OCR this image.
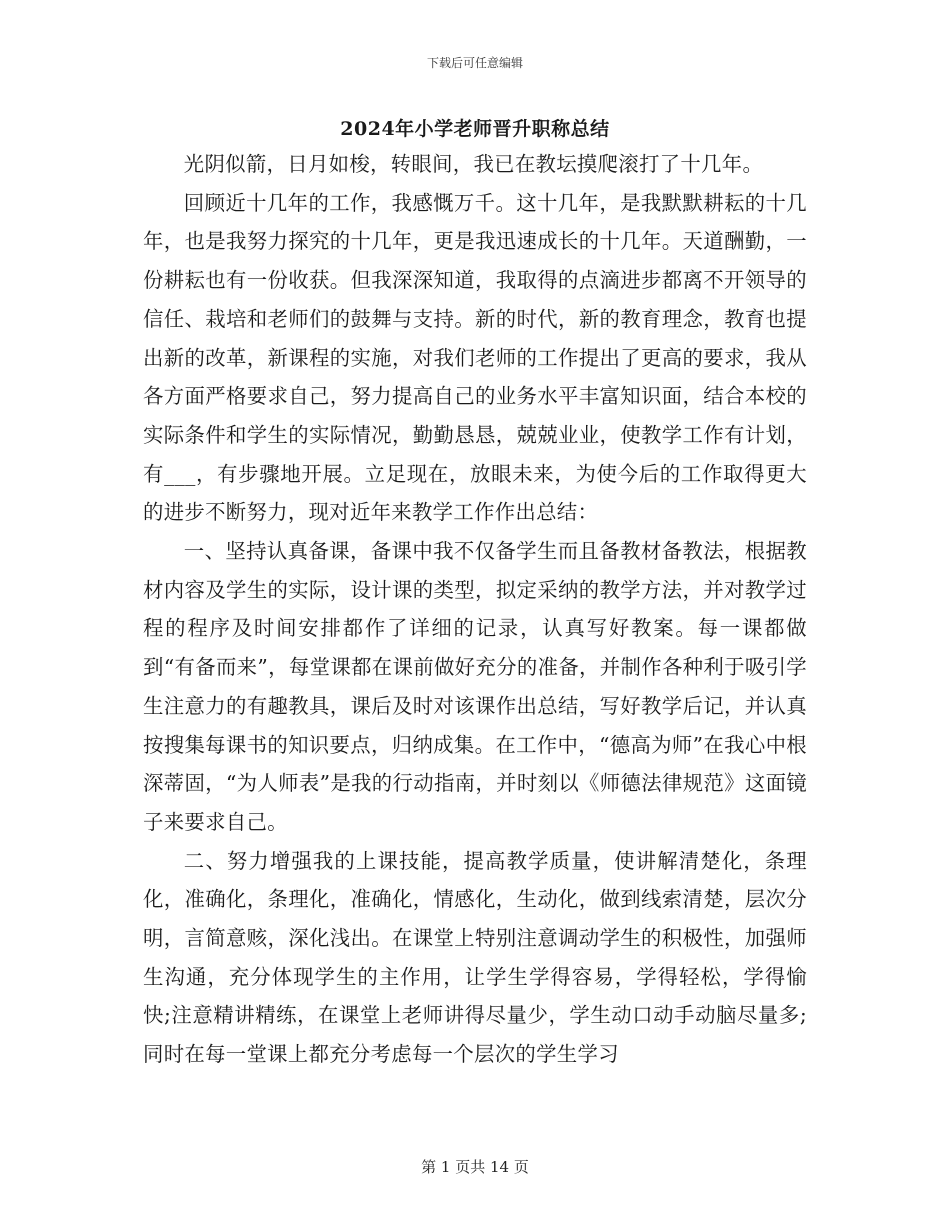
下载后可任意编辑
2024年小学老师晋升职称总结

光阴似箭，日月如梭，转眼间，我已在教坛摸爬滚打了十几年。

回顾近十几年的工作，我感慨万千。这十几年，是我默默耕耘的十几年，也是我努力探究的十几年，更是我迅速成长的十几年。天道酬勤，一份耕耘也有一份收获。但我深深知道，我取得的点滴进步都离不开领导的信任、栽培和老师们的鼓舞与支持。新的时代，新的教育理念，教育也提出新的改革，新课程的实施，对我们老师的工作提出了更高的要求，我从各方面严格要求自己，努力提高自己的业务水平丰富知识面，结合本校的实际条件和学生的实际情况，勤勤恳恳，兢兢业业，使教学工作有计划，有___，有步骤地开展。立足现在，放眼未来，为使今后的工作取得更大的进步不断努力，现对近年来教学工作作出总结：

一、坚持认真备课，备课中我不仅备学生而且备教材备教法，根据教材内容及学生的实际，设计课的类型，拟定采纳的教学方法，并对教学过程的程序及时间安排都作了详细的记录，认真写好教案。每一课都做到“有备而来”，每堂课都在课前做好充分的准备，并制作各种利于吸引学生注意力的有趣教具，课后及时对该课作出总结，写好教学后记，并认真按搜集每课书的知识要点，归纳成集。在工作中，“德高为师”在我心中根深蒂固，“为人师表”是我的行动指南，并时刻以《师德法律规范》这面镜子来要求自己。

二、努力增强我的上课技能，提高教学质量，使讲解清楚化，条理化，准确化，条理化，准确化，情感化，生动化，做到线索清楚，层次分明，言简意赅，深化浅出。在课堂上特别注意调动学生的积极性，加强师生沟通，充分体现学生的主作用，让学生学得容易，学得轻松，学得愉快;注意精讲精练，在课堂上老师讲得尽量少，学生动口动手动脑尽量多;同时在每一堂课上都充分考虑每一个层次的学生学习

第 1 页共 14 页
